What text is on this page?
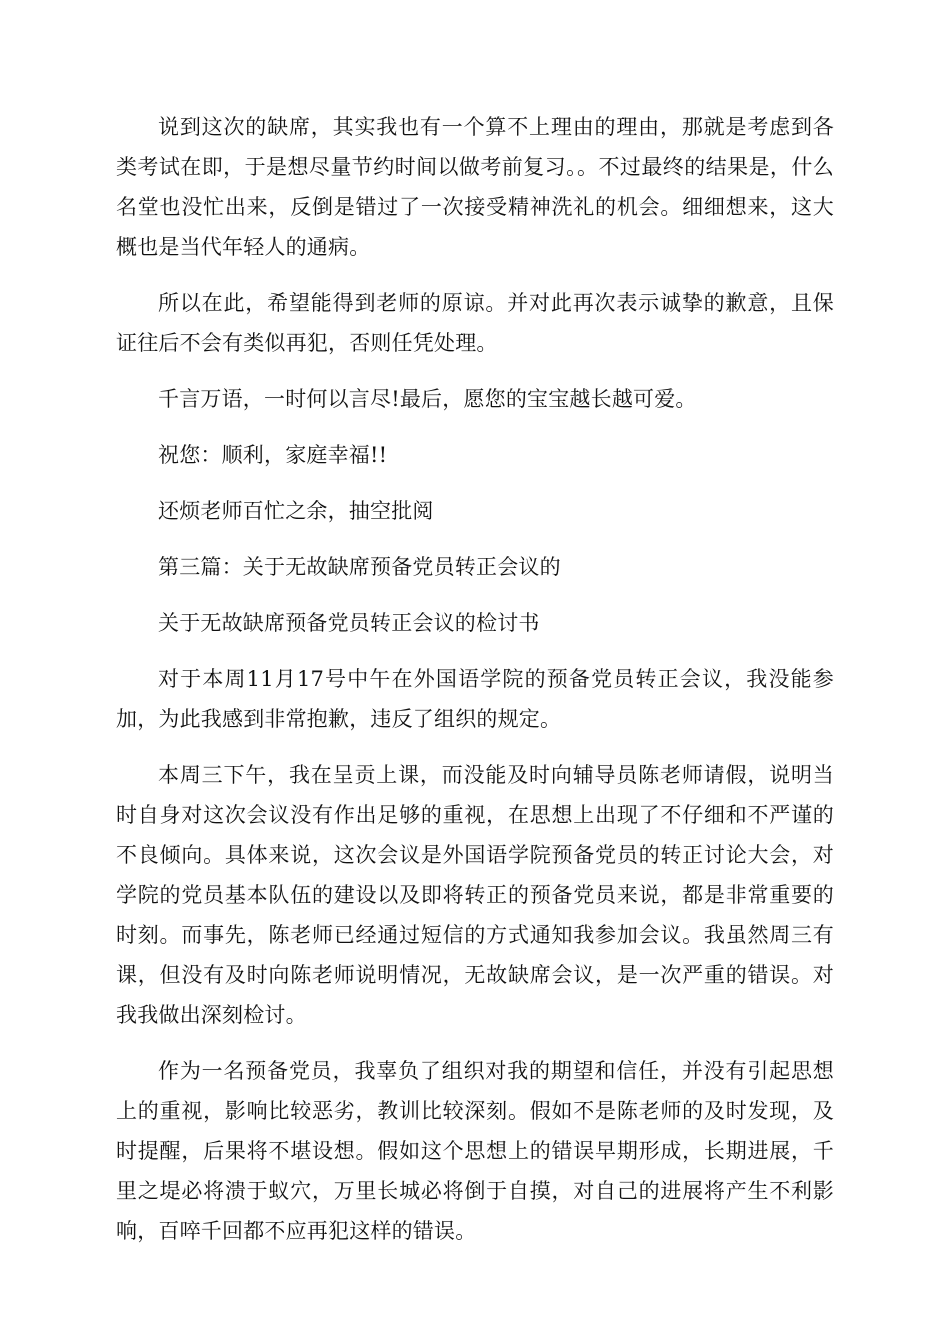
说到这次的缺席，其实我也有一个算不上理由的理由，那就是考虑到各类考试在即，于是想尽量节约时间以做考前复习。。不过最终的结果是，什么名堂也没忙出来，反倒是错过了一次接受精神洗礼的机会。细细想来，这大概也是当代年轻人的通病。

所以在此，希望能得到老师的原谅。并对此再次表示诚挚的歉意，且保证往后不会有类似再犯，否则任凭处理。

千言万语，一时何以言尽!最后，愿您的宝宝越长越可爱。

祝您：顺利，家庭幸福!!

还烦老师百忙之余，抽空批阅

第三篇：关于无故缺席预备党员转正会议的

关于无故缺席预备党员转正会议的检讨书

对于本周11月17号中午在外国语学院的预备党员转正会议，我没能参加，为此我感到非常抱歉，违反了组织的规定。

本周三下午，我在呈贡上课，而没能及时向辅导员陈老师请假，说明当时自身对这次会议没有作出足够的重视，在思想上出现了不仔细和不严谨的不良倾向。具体来说，这次会议是外国语学院预备党员的转正讨论大会，对学院的党员基本队伍的建设以及即将转正的预备党员来说，都是非常重要的时刻。而事先，陈老师已经通过短信的方式通知我参加会议。我虽然周三有课，但没有及时向陈老师说明情况，无故缺席会议，是一次严重的错误。对我我做出深刻检讨。

作为一名预备党员，我辜负了组织对我的期望和信任，并没有引起思想上的重视，影响比较恶劣，教训比较深刻。假如不是陈老师的及时发现，及时提醒，后果将不堪设想。假如这个思想上的错误早期形成，长期进展，千里之堤必将溃于蚁穴，万里长城必将倒于自摸，对自己的进展将产生不利影响，百啐千回都不应再犯这样的错误。
